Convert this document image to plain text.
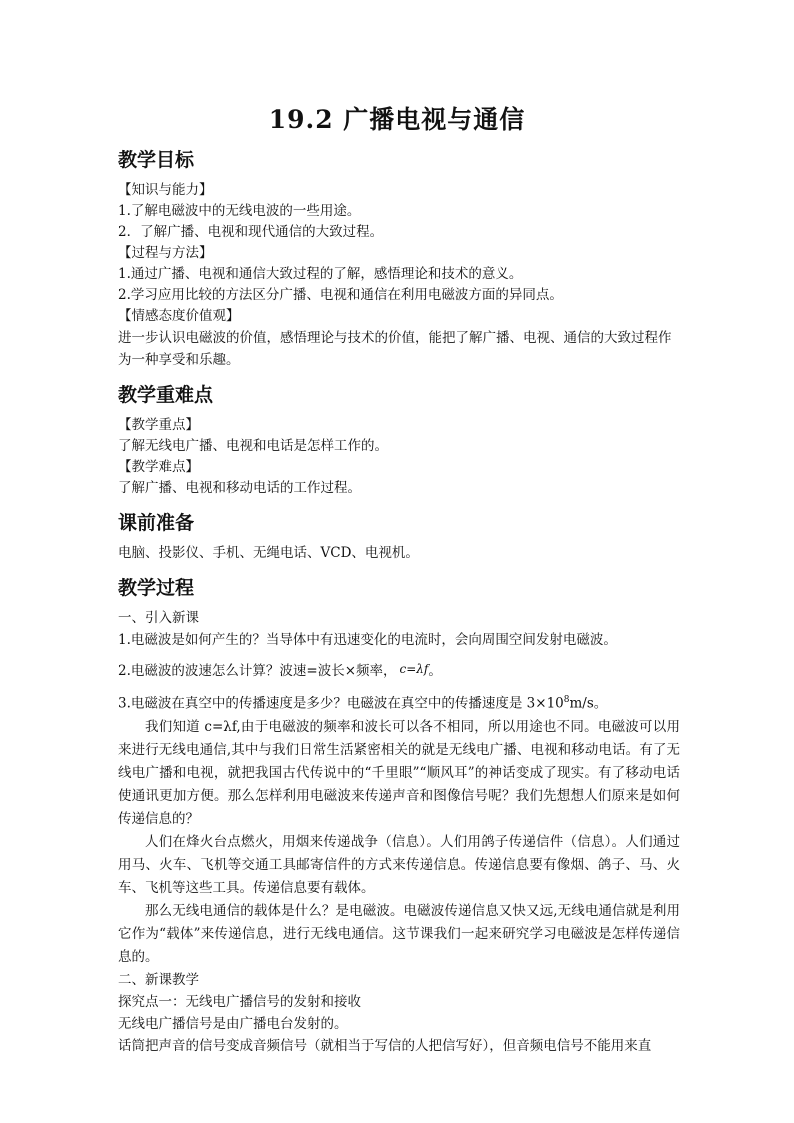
19.2 广播电视与通信
教学目标

【知识与能力】

1.了解电磁波中的无线电波的一些用途。

2．了解广播、电视和现代通信的大致过程。

【过程与方法】

1.通过广播、电视和通信大致过程的了解，感悟理论和技术的意义。

2.学习应用比较的方法区分广播、电视和通信在利用电磁波方面的异同点。

【情感态度价值观】

进一步认识电磁波的价值，感悟理论与技术的价值，能把了解广播、电视、通信的大致过程作为一种享受和乐趣。

教学重难点

【教学重点】

了解无线电广播、电视和电话是怎样工作的。

【教学难点】

了解广播、电视和移动电话的工作过程。

课前准备

电脑、投影仪、手机、无绳电话、VCD、电视机。

教学过程

一、引入新课

1.电磁波是如何产生的？当导体中有迅速变化的电流时，会向周围空间发射电磁波。

2.电磁波的波速怎么计算？波速=波长×频率， c=λf。

3.电磁波在真空中的传播速度是多少？电磁波在真空中的传播速度是 $3\times 10^8m/s$。

我们知道 c=λf,由于电磁波的频率和波长可以各不相同，所以用途也不同。电磁波可以用来进行无线电通信,其中与我们日常生活紧密相关的就是无线电广播、电视和移动电话。有了无线电广播和电视，就把我国古代传说中的“千里眼”“顺风耳”的神话变成了现实。有了移动电话使通讯更加方便。那么怎样利用电磁波来传递声音和图像信号呢？我们先想想人们原来是如何传递信息的？

人们在烽火台点燃火，用烟来传递战争（信息）。人们用鸽子传递信件（信息）。人们通过用马、火车、飞机等交通工具邮寄信件的方式来传递信息。传递信息要有像烟、鸽子、马、火车、飞机等这些工具。传递信息要有载体。

那么无线电通信的载体是什么？是电磁波。电磁波传递信息又快又远,无线电通信就是利用它作为“载体”来传递信息，进行无线电通信。这节课我们一起来研究学习电磁波是怎样传递信息的。

二、新课教学

探究点一：无线电广播信号的发射和接收

无线电广播信号是由广播电台发射的。

话筒把声音的信号变成音频信号（就相当于写信的人把信写好），但音频电信号不能用来直
